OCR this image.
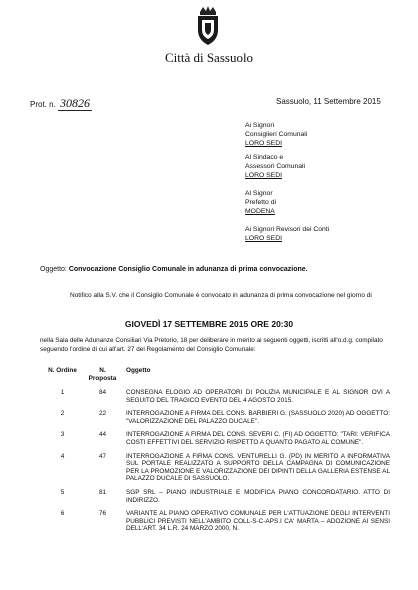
Città di Sassuolo
Prot. n. 30826	Sassuolo, 11 Settembre 2015
Ai Signori
Consiglieri Comunali
LORO SEDI
Al Sindaco e
Assessori Comunali
LORO SEDI
Al Signor
Prefetto di
MODENA
Ai Signori Revisori dei Conti
LORO SEDI
Oggetto: Convocazione Consiglio Comunale in adunanza di prima convocazione.
Notifico alla S.V. che il Consiglio Comunale è convocato in adunanza di prima convocazione nel giorno di
GIOVEDÌ 17 SETTEMBRE 2015 ORE 20:30
nella Sala delle Adunanze Consiliari Via Pretorio, 18 per deliberare in merito ai seguenti oggetti, iscritti all'o.d.g. compilato seguendo l'ordine di cui all'art. 27 del Regolamento del Consiglio Comunale:
N. Ordine	N. Proposta	Oggetto
1	84	CONSEGNA ELOGIO AD OPERATORI DI POLIZIA MUNICIPALE E AL SIGNOR OVI A SEGUITO DEL TRAGICO EVENTO DEL 4 AGOSTO 2015.
2	22	INTERROGAZIONE A FIRMA DEL CONS. BARBIERI G. (SASSUOLO 2020) AD OGGETTO: "VALORIZZAZIONE DEL PALAZZO DUCALE".
3	44	INTERROGAZIONE A FIRMA DEL CONS. SEVERI C. (FI) AD OGGETTO: "TARI: VERIFICA COSTI EFFETTIVI DEL SERVIZIO RISPETTO A QUANTO PAGATO AL COMUNE".
4	47	INTERROGAZIONE A FIRMA CONS. VENTURELLI G. (PD) IN MERITO A INFORMATIVA SUL PORTALE REALIZZATO A SUPPORTO DELLA CAMPAGNA DI COMUNICAZIONE PER LA PROMOZIONE E VALORIZZAZIONE DEI DIPINTI DELLA GALLERIA ESTENSE AL PALAZZO DUCALE DI SASSUOLO.
5	81	SGP SRL – PIANO INDUSTRIALE E MODIFICA PIANO CONCORDATARIO. ATTO DI INDIRIZZO.
6	76	VARIANTE AL PIANO OPERATIVO COMUNALE PER L'ATTUAZIONE DEGLI INTERVENTI PUBBLICI PREVISTI NELL'AMBITO COLL-S-C-APS.I CA' MARTA – ADOZIONE AI SENSI DELL'ART. 34 L.R. 24 MARZO 2000, N.
